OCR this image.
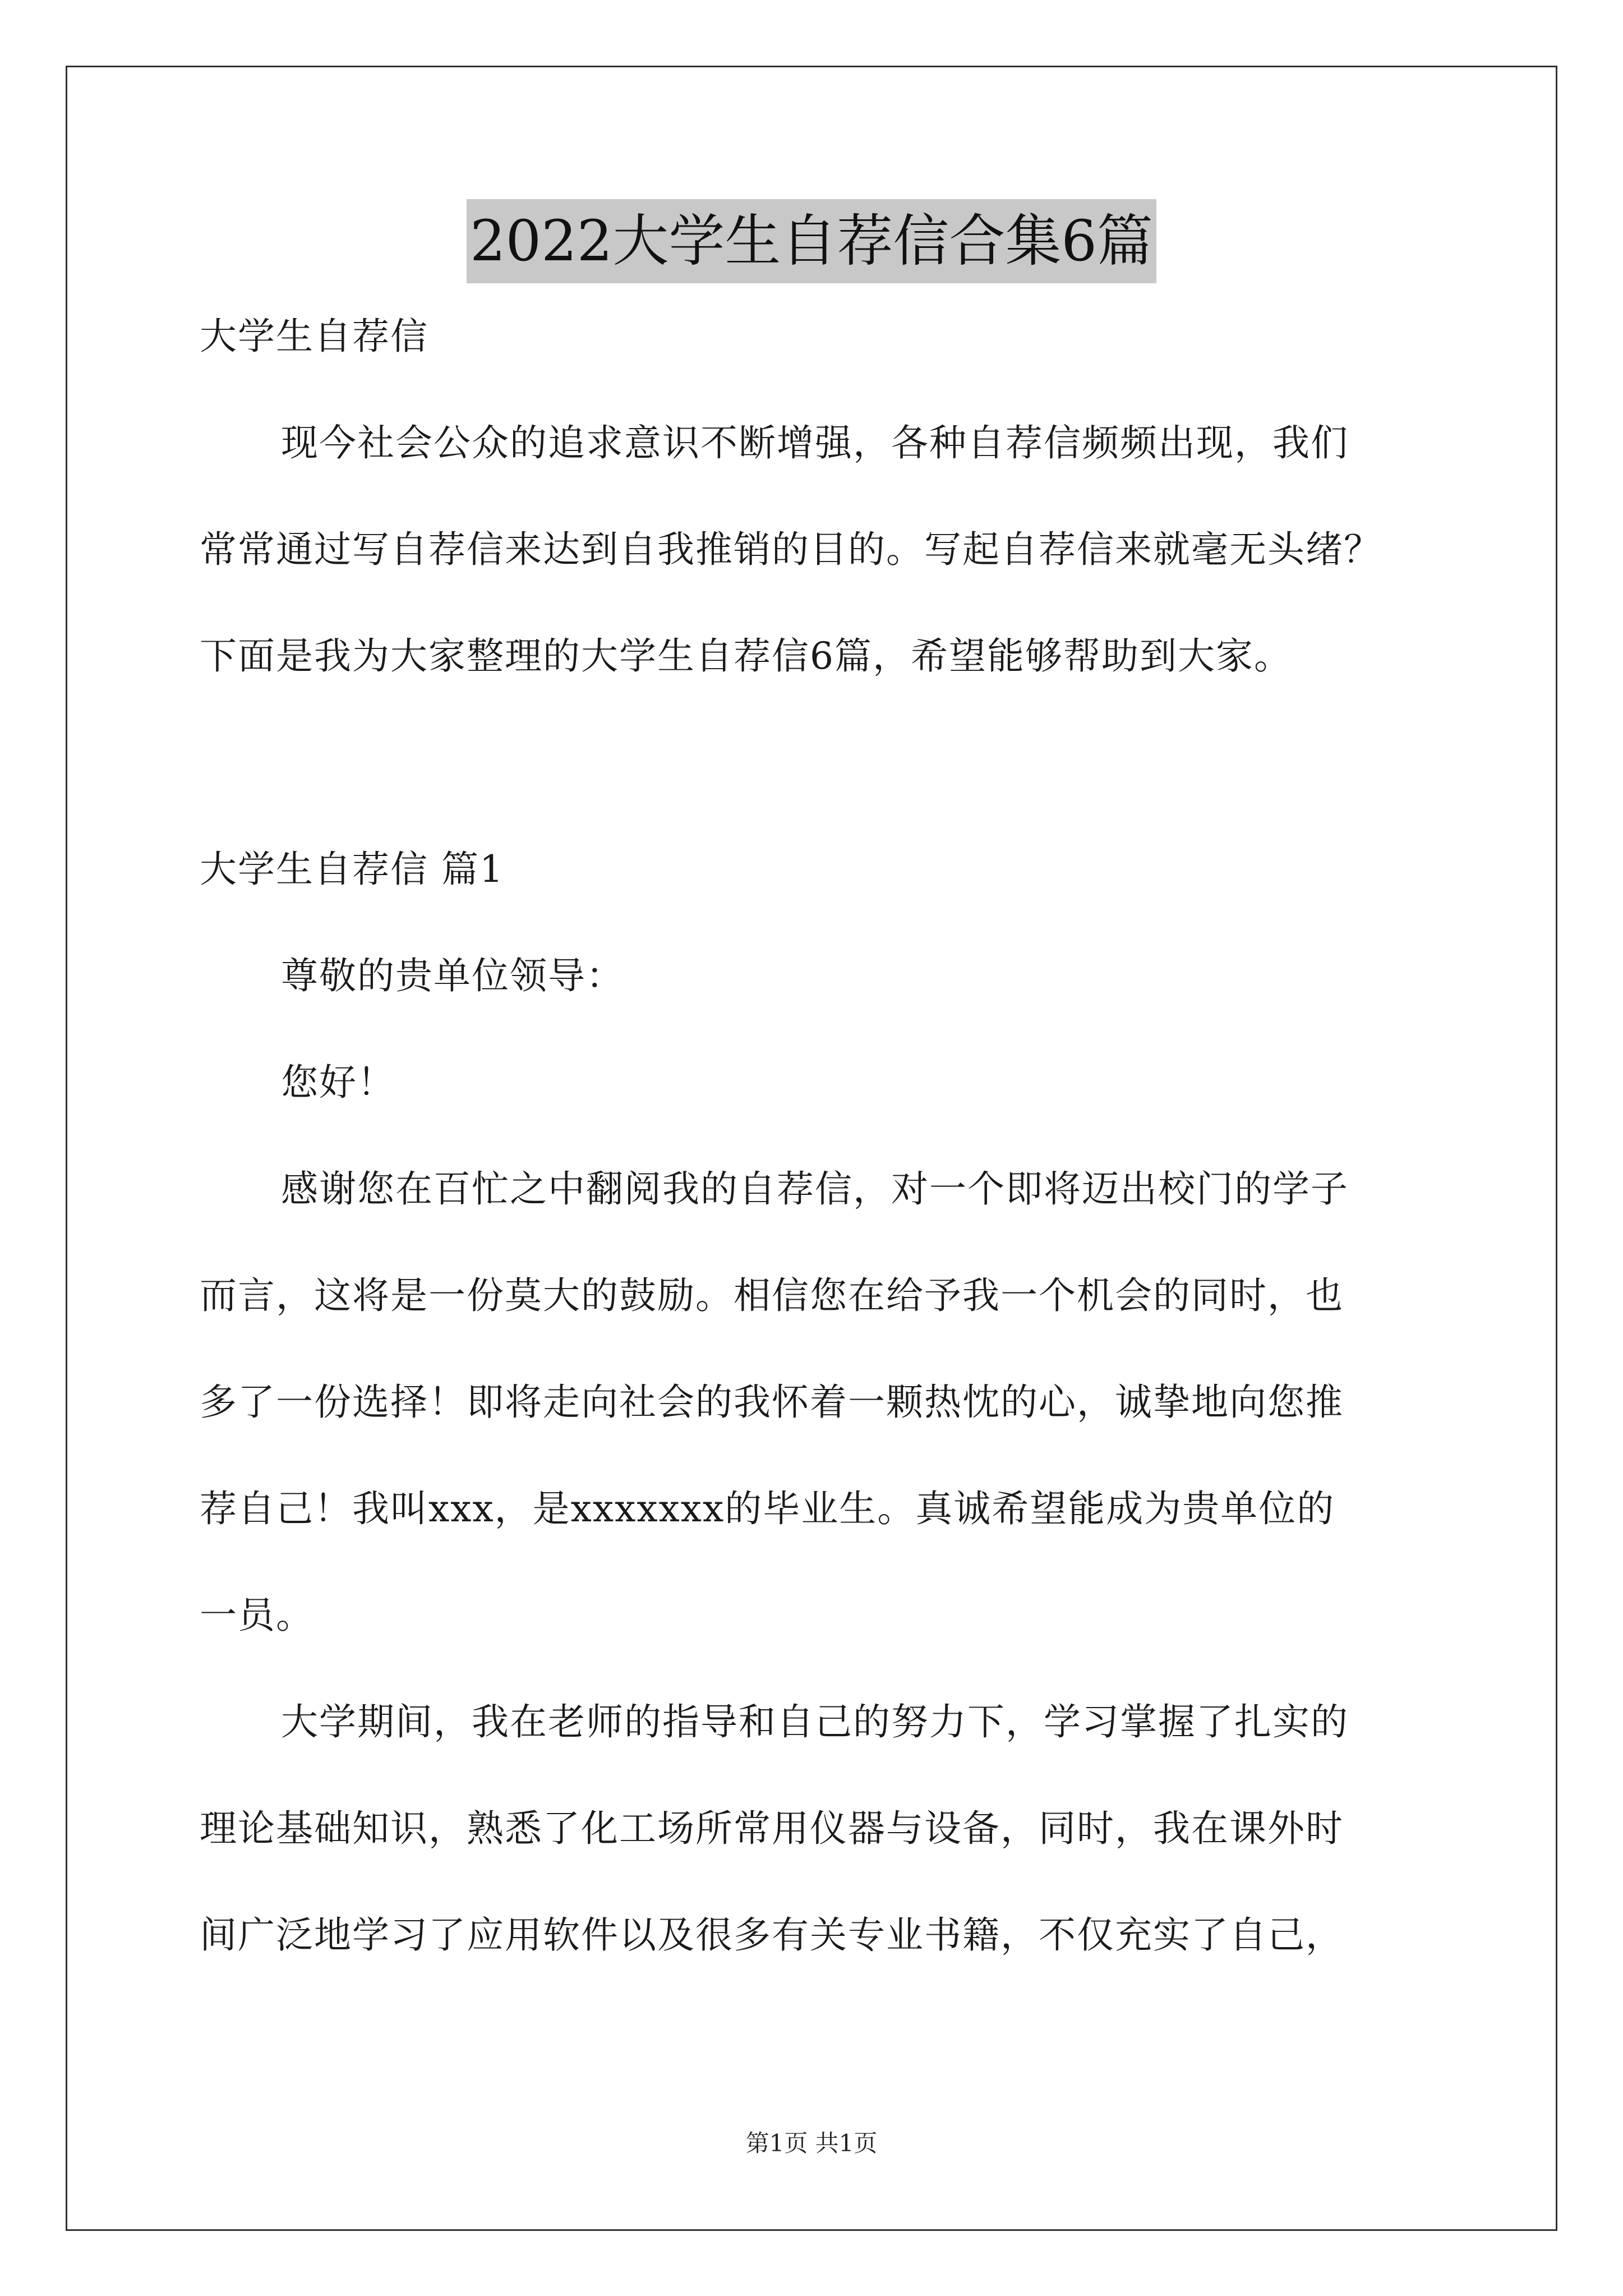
2022大学生自荐信合集6篇
大学生自荐信
现今社会公众的追求意识不断增强，各种自荐信频频出现，我们
常常通过写自荐信来达到自我推销的目的。写起自荐信来就毫无头绪？
下面是我为大家整理的大学生自荐信6篇，希望能够帮助到大家。
大学生自荐信 篇1
尊敬的贵单位领导：
您好！
感谢您在百忙之中翻阅我的自荐信，对一个即将迈出校门的学子
而言，这将是一份莫大的鼓励。相信您在给予我一个机会的同时，也
多了一份选择！即将走向社会的我怀着一颗热忱的心，诚挚地向您推
荐自己！我叫xxx，是xxxxxxx的毕业生。真诚希望能成为贵单位的
一员。
大学期间，我在老师的指导和自己的努力下，学习掌握了扎实的
理论基础知识，熟悉了化工场所常用仪器与设备，同时，我在课外时
间广泛地学习了应用软件以及很多有关专业书籍，不仅充实了自己，
第1页 共1页
